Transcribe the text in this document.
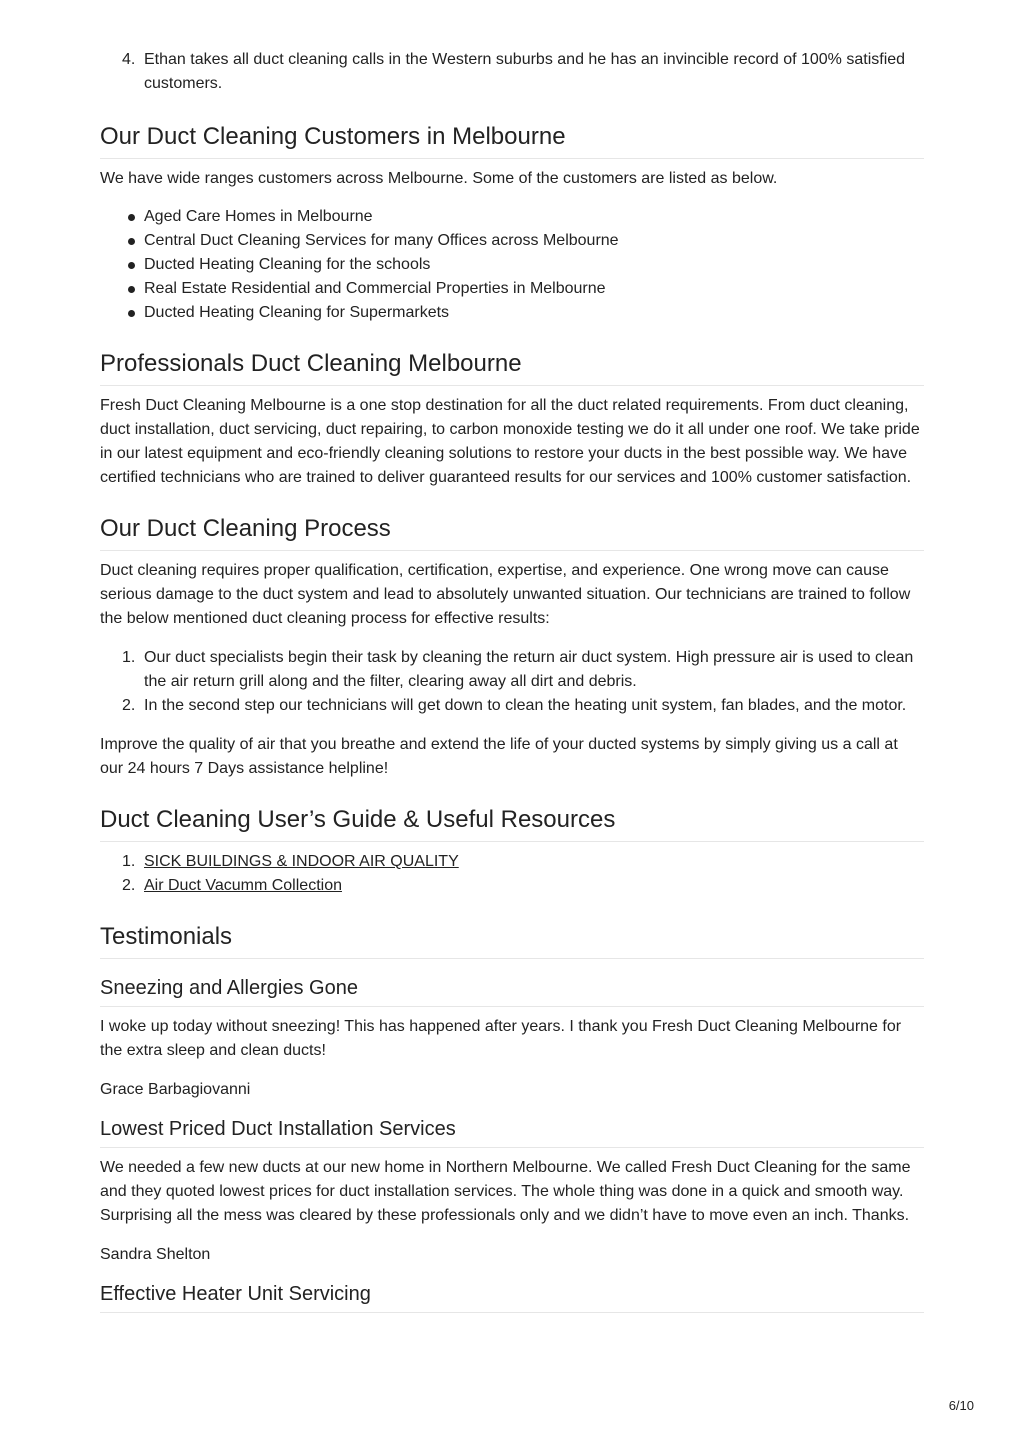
4. Ethan takes all duct cleaning calls in the Western suburbs and he has an invincible record of 100% satisfied customers.
Our Duct Cleaning Customers in Melbourne

We have wide ranges customers across Melbourne. Some of the customers are listed as below.

Aged Care Homes in Melbourne
Central Duct Cleaning Services for many Offices across Melbourne
Ducted Heating Cleaning for the schools
Real Estate Residential and Commercial Properties in Melbourne
Ducted Heating Cleaning for Supermarkets
Professionals Duct Cleaning Melbourne

Fresh Duct Cleaning Melbourne is a one stop destination for all the duct related requirements. From duct cleaning, duct installation, duct servicing, duct repairing, to carbon monoxide testing we do it all under one roof. We take pride in our latest equipment and eco-friendly cleaning solutions to restore your ducts in the best possible way. We have certified technicians who are trained to deliver guaranteed results for our services and 100% customer satisfaction.

Our Duct Cleaning Process

Duct cleaning requires proper qualification, certification, expertise, and experience. One wrong move can cause serious damage to the duct system and lead to absolutely unwanted situation. Our technicians are trained to follow the below mentioned duct cleaning process for effective results:

1. Our duct specialists begin their task by cleaning the return air duct system. High pressure air is used to clean the air return grill along and the filter, clearing away all dirt and debris.
2. In the second step our technicians will get down to clean the heating unit system, fan blades, and the motor.

Improve the quality of air that you breathe and extend the life of your ducted systems by simply giving us a call at our 24 hours 7 Days assistance helpline!

Duct Cleaning User’s Guide & Useful Resources
1. SICK BUILDINGS & INDOOR AIR QUALITY
2. Air Duct Vacumm Collection
Testimonials
Sneezing and Allergies Gone

I woke up today without sneezing! This has happened after years. I thank you Fresh Duct Cleaning Melbourne for the extra sleep and clean ducts!

Grace Barbagiovanni

Lowest Priced Duct Installation Services

We needed a few new ducts at our new home in Northern Melbourne. We called Fresh Duct Cleaning for the same and they quoted lowest prices for duct installation services. The whole thing was done in a quick and smooth way. Surprising all the mess was cleared by these professionals only and we didn’t have to move even an inch. Thanks.

Sandra Shelton

Effective Heater Unit Servicing
6/10
